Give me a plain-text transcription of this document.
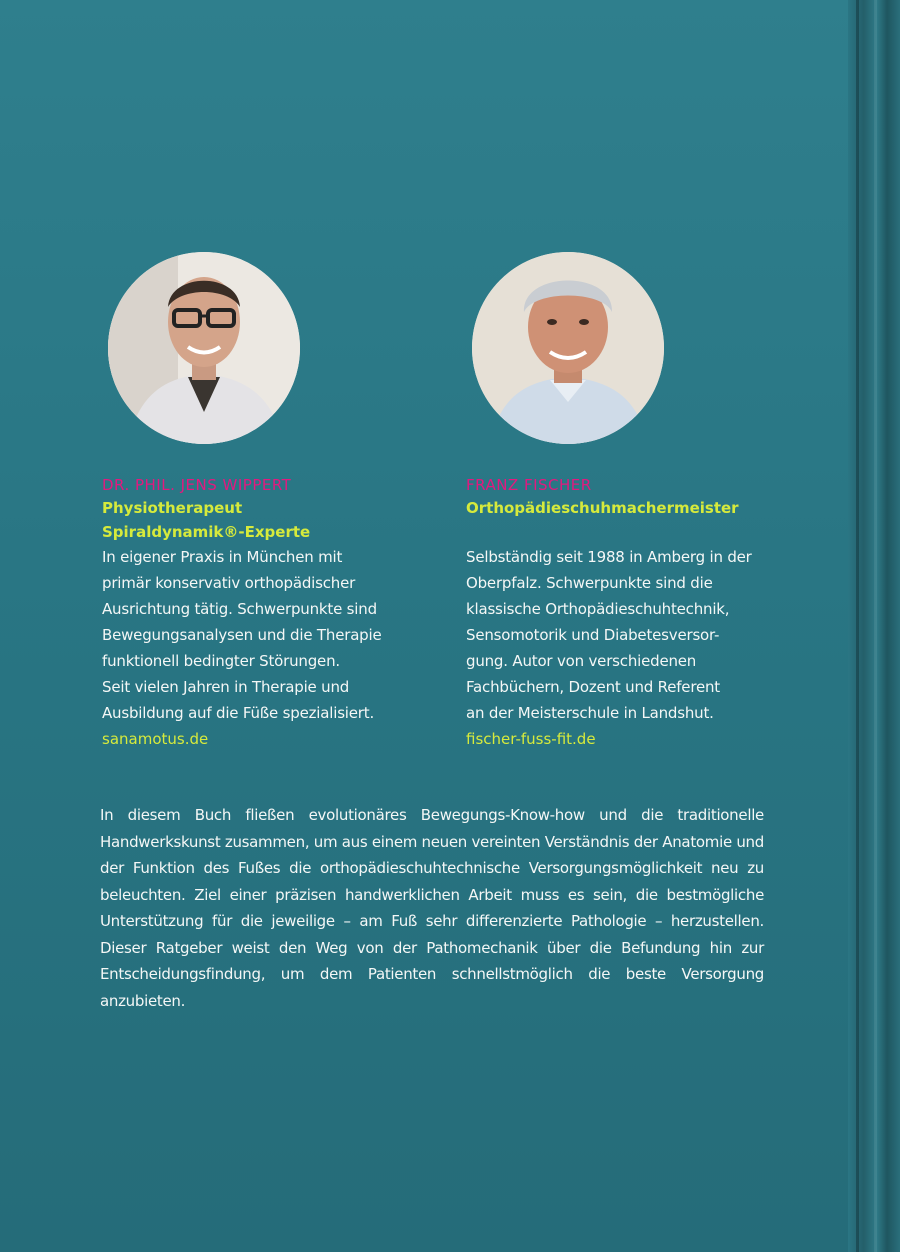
DR. PHIL. JENS WIPPERT
Physiotherapeut
Spiraldynamik®-Experte
In eigener Praxis in München mit
primär konservativ orthopädischer
Ausrichtung tätig. Schwerpunkte sind
Bewegungsanalysen und die Therapie
funktionell bedingter Störungen.
Seit vielen Jahren in Therapie und
Ausbildung auf die Füße spezialisiert.
sanamotus.de
FRANZ FISCHER
Orthopädieschuhmachermeister
Selbständig seit 1988 in Amberg in der
Oberpfalz. Schwerpunkte sind die
klassische Orthopädieschuhtechnik,
Sensomotorik und Diabetesversor-
gung. Autor von verschiedenen
Fachbüchern, Dozent und Referent
an der Meisterschule in Landshut.
fischer-fuss-fit.de
In diesem Buch fließen evolutionäres Bewegungs-Know-how und die traditionelle Handwerkskunst zusammen, um aus einem neuen vereinten Verständnis der Anatomie und der Funktion des Fußes die orthopädieschuhtechnische Versorgungsmöglichkeit neu zu beleuchten. Ziel einer präzisen handwerklichen Arbeit muss es sein, die bestmögliche Unterstützung für die jeweilige – am Fuß sehr differenzierte Pathologie – herzustellen. Dieser Ratgeber weist den Weg von der Pathomechanik über die Befundung hin zur Entscheidungsfindung, um dem Patienten schnellstmöglich die beste Versorgung anzubieten.
